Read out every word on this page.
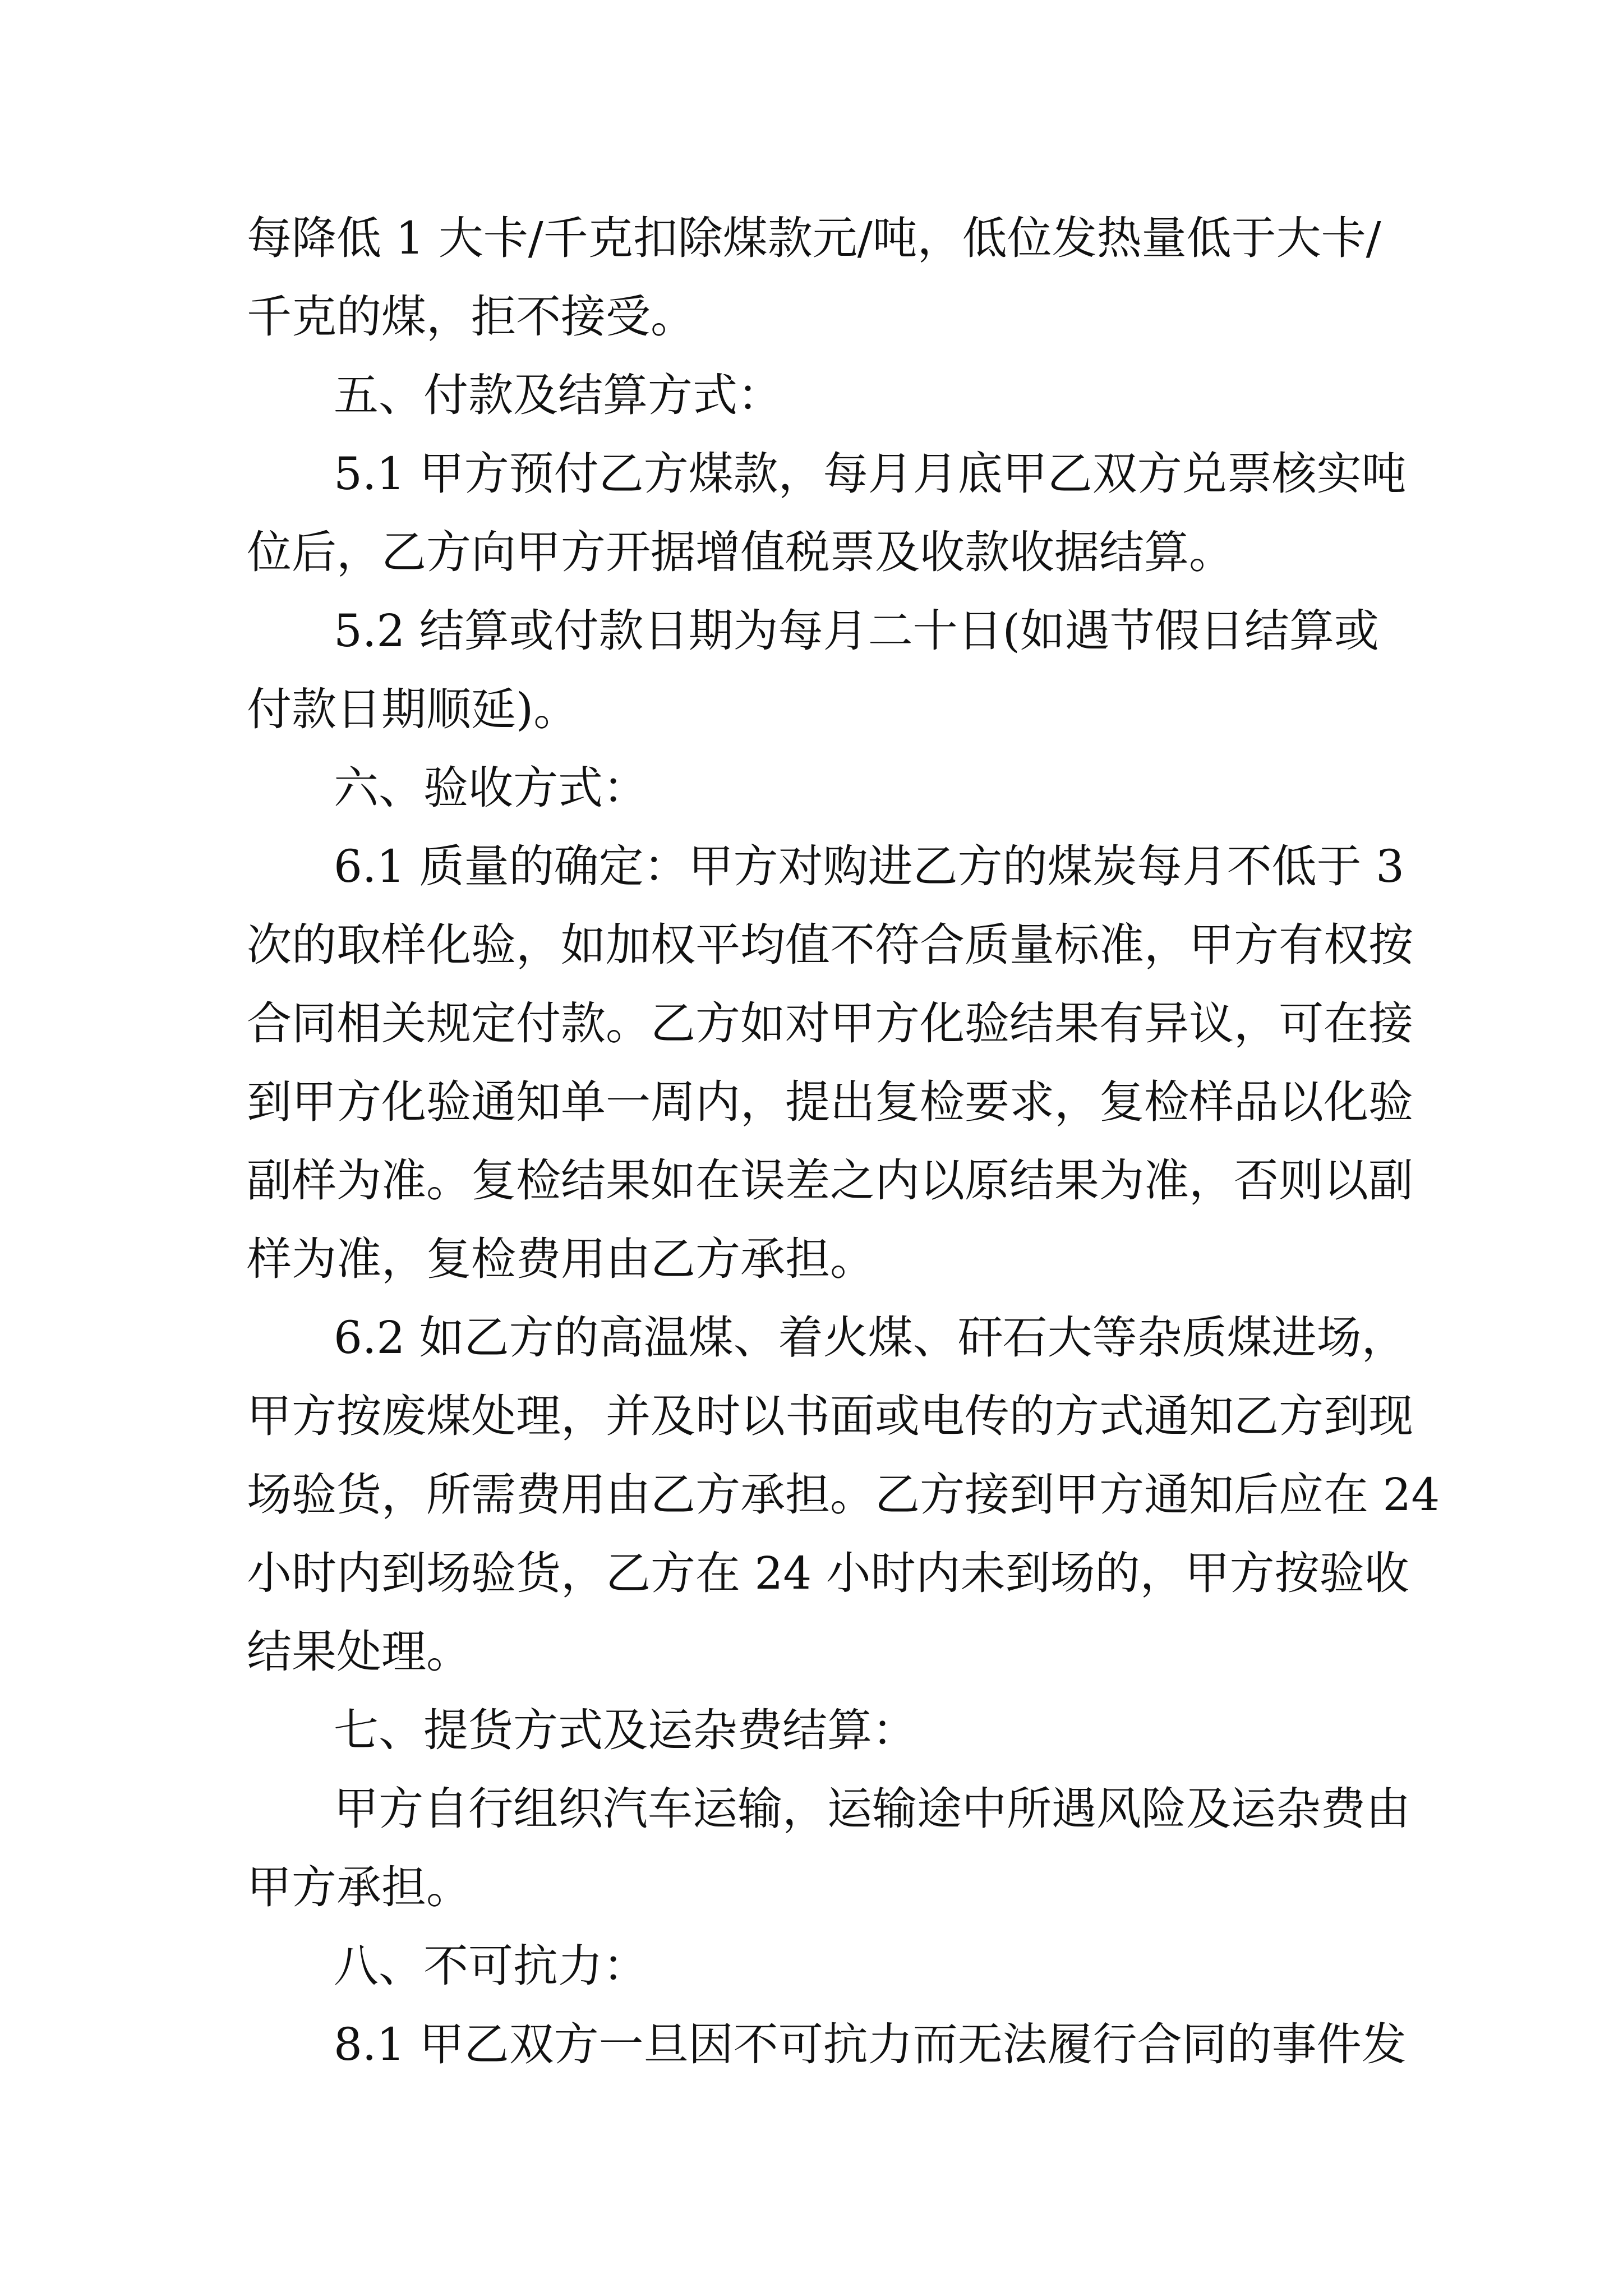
每降低 1 大卡/千克扣除煤款元/吨，低位发热量低于大卡/
千克的煤，拒不接受。
五、付款及结算方式：
5.1 甲方预付乙方煤款，每月月底甲乙双方兑票核实吨
位后，乙方向甲方开据增值税票及收款收据结算。
5.2 结算或付款日期为每月二十日(如遇节假日结算或
付款日期顺延)。
六、验收方式：
6.1 质量的确定：甲方对购进乙方的煤炭每月不低于 3
次的取样化验，如加权平均值不符合质量标准，甲方有权按
合同相关规定付款。乙方如对甲方化验结果有异议，可在接
到甲方化验通知单一周内，提出复检要求，复检样品以化验
副样为准。复检结果如在误差之内以原结果为准，否则以副
样为准，复检费用由乙方承担。
6.2 如乙方的高温煤、着火煤、矸石大等杂质煤进场，
甲方按废煤处理，并及时以书面或电传的方式通知乙方到现
场验货，所需费用由乙方承担。乙方接到甲方通知后应在 24
小时内到场验货，乙方在 24 小时内未到场的，甲方按验收
结果处理。
七、提货方式及运杂费结算：
甲方自行组织汽车运输，运输途中所遇风险及运杂费由
甲方承担。
八、不可抗力：
8.1 甲乙双方一旦因不可抗力而无法履行合同的事件发
